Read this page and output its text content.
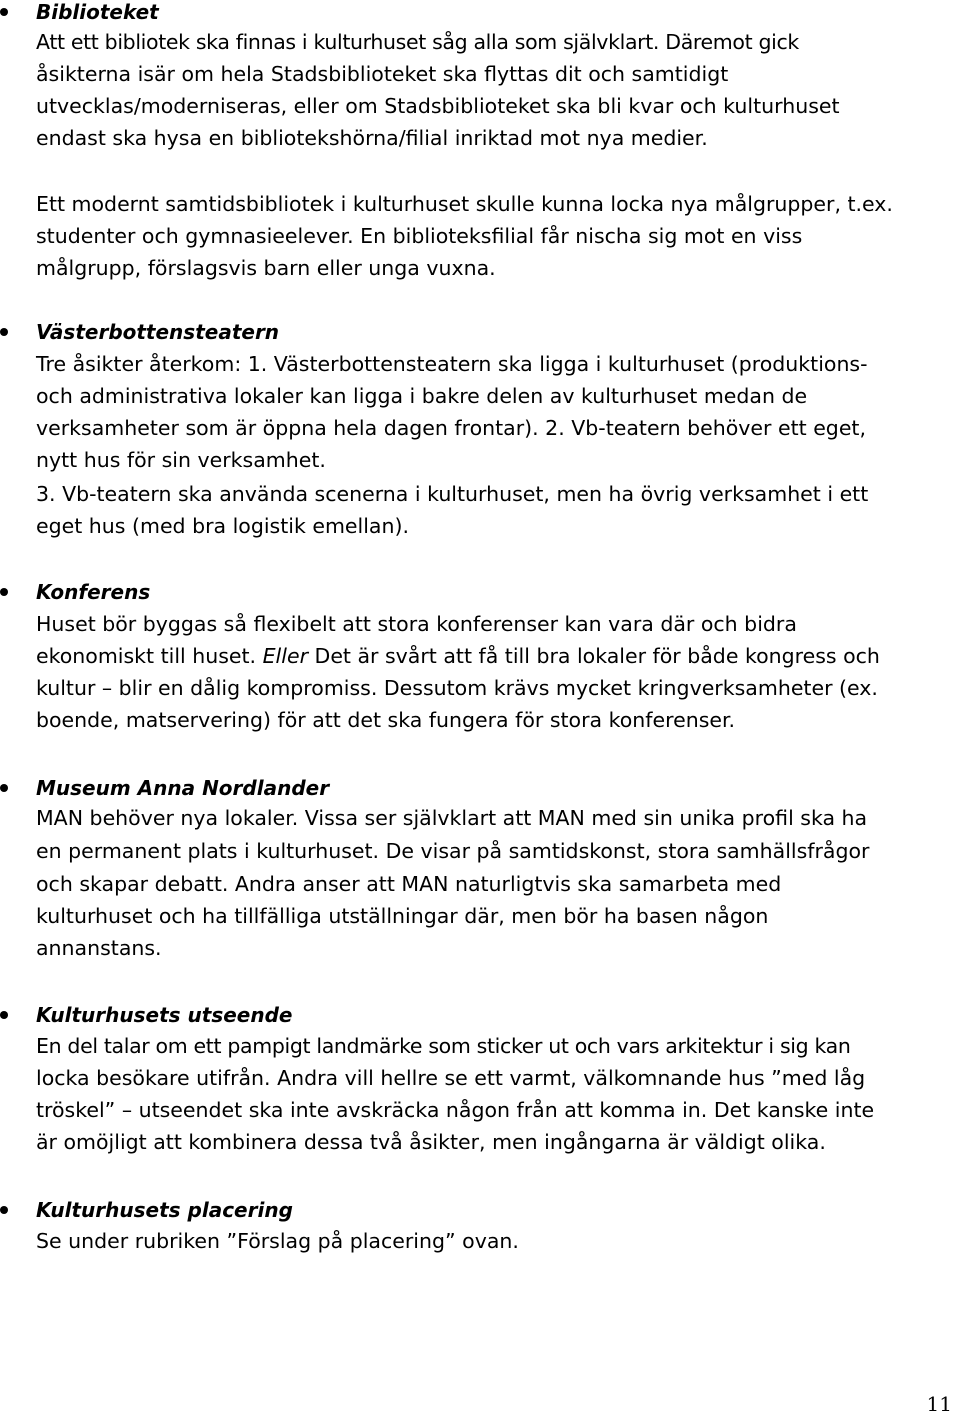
Biblioteket
Att ett bibliotek ska finnas i kulturhuset såg alla som självklart. Däremot gick
åsikterna isär om hela Stadsbiblioteket ska flyttas dit och samtidigt
utvecklas/moderniseras, eller om Stadsbiblioteket ska bli kvar och kulturhuset
endast ska hysa en bibliotekshörna/filial inriktad mot nya medier.
Ett modernt samtidsbibliotek i kulturhuset skulle kunna locka nya målgrupper, t.ex.
studenter och gymnasieelever. En biblioteksfilial får nischa sig mot en viss
målgrupp, förslagsvis barn eller unga vuxna.
Västerbottensteatern
Tre åsikter återkom: 1. Västerbottensteatern ska ligga i kulturhuset (produktions-
och administrativa lokaler kan ligga i bakre delen av kulturhuset medan de
verksamheter som är öppna hela dagen frontar). 2. Vb-teatern behöver ett eget,
nytt hus för sin verksamhet.
3. Vb-teatern ska använda scenerna i kulturhuset, men ha övrig verksamhet i ett
eget hus (med bra logistik emellan).
Konferens
Huset bör byggas så flexibelt att stora konferenser kan vara där och bidra
ekonomiskt till huset. Eller Det är svårt att få till bra lokaler för både kongress och
kultur – blir en dålig kompromiss. Dessutom krävs mycket kringverksamheter (ex.
boende, matservering) för att det ska fungera för stora konferenser.
Museum Anna Nordlander
MAN behöver nya lokaler. Vissa ser självklart att MAN med sin unika profil ska ha
en permanent plats i kulturhuset. De visar på samtidskonst, stora samhällsfrågor
och skapar debatt. Andra anser att MAN naturligtvis ska samarbeta med
kulturhuset och ha tillfälliga utställningar där, men bör ha basen någon
annanstans.
Kulturhusets utseende
En del talar om ett pampigt landmärke som sticker ut och vars arkitektur i sig kan
locka besökare utifrån. Andra vill hellre se ett varmt, välkomnande hus ”med låg
tröskel” – utseendet ska inte avskräcka någon från att komma in. Det kanske inte
är omöjligt att kombinera dessa två åsikter, men ingångarna är väldigt olika.
Kulturhusets placering
Se under rubriken ”Förslag på placering” ovan.
11
